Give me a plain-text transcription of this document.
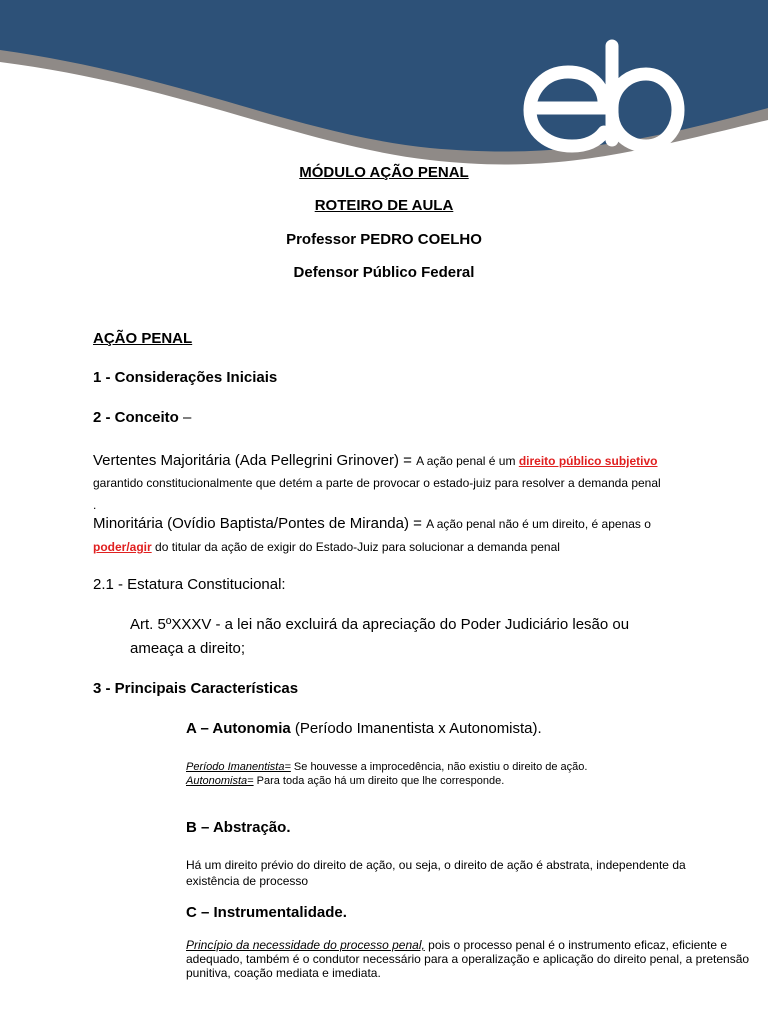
MÓDULO AÇÃO PENAL
ROTEIRO DE AULA
Professor PEDRO COELHO
Defensor Público Federal
AÇÃO PENAL
1 - Considerações Iniciais
2 - Conceito –
Vertentes Majoritária (Ada Pellegrini Grinover) = A ação penal é um direito público subjetivo
garantido constitucionalmente que detém a parte de provocar o estado-juiz para resolver a demanda penal
.
Minoritária (Ovídio Baptista/Pontes de Miranda) = A ação penal não é um direito, é apenas o
poder/agir do titular da ação de exigir do Estado-Juiz para solucionar a demanda penal
2.1 - Estatura Constitucional:
Art. 5ºXXXV - a lei não excluirá da apreciação do Poder Judiciário lesão ou
ameaça a direito;
3 - Principais Características
A – Autonomia (Período Imanentista x Autonomista).
Período Imanentista= Se houvesse a improcedência, não existiu o direito de ação.
Autonomista= Para toda ação há um direito que lhe corresponde.
B – Abstração.
Há um direito prévio do direito de ação, ou seja, o direito de ação é abstrata, independente da
existência de processo
C – Instrumentalidade.
Princípio da necessidade do processo penal, pois o processo penal é o instrumento eficaz, eficiente e
adequado, também é o condutor necessário para a operalização e aplicação do direito penal, a pretensão
punitiva, coação mediata e imediata.
